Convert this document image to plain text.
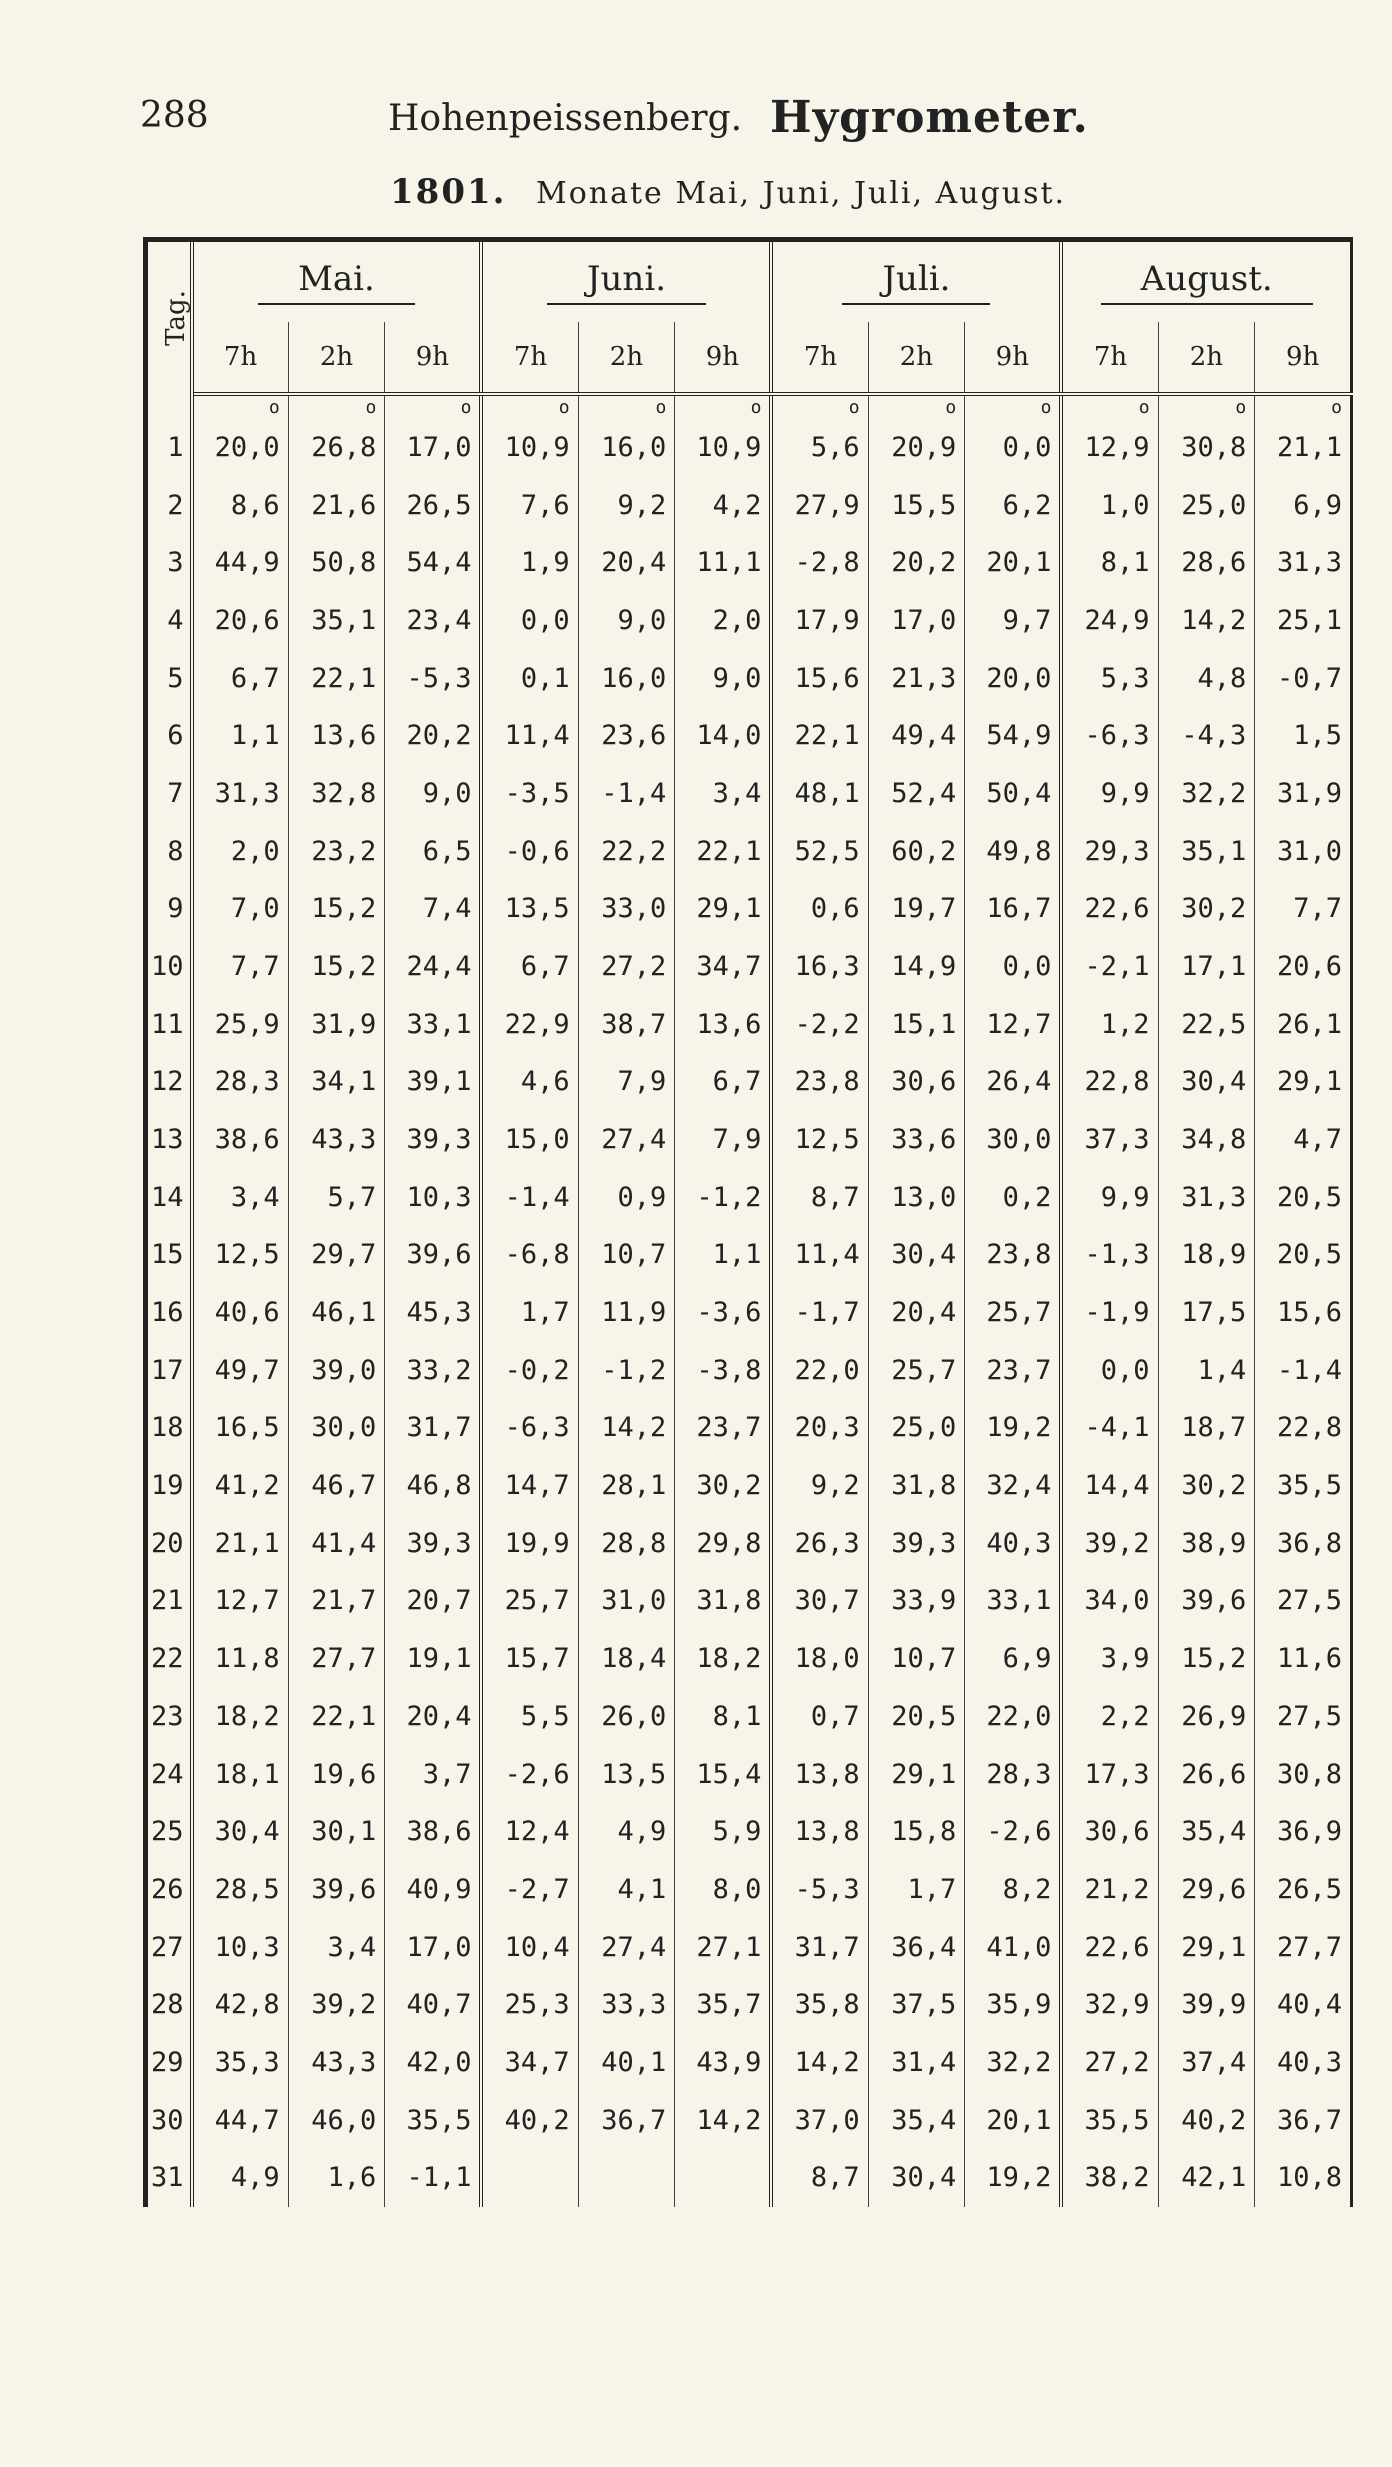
288	Hohenpeissenberg. Hygrometer.
1801. Monate Mai, Juni, Juli, August.
Tag.	Mai.			Juni.			Juli.			August.		
	7h	2h	9h	7h	2h	9h	7h	2h	9h	7h	2h	9h
	o	o	o	o	o	o	o	o	o	o	o	o
1	20,0	26,8	17,0	10,9	16,0	10,9	5,6	20,9	0,0	12,9	30,8	21,1
2	8,6	21,6	26,5	7,6	9,2	4,2	27,9	15,5	6,2	1,0	25,0	6,9
3	44,9	50,8	54,4	1,9	20,4	11,1	-2,8	20,2	20,1	8,1	28,6	31,3
4	20,6	35,1	23,4	0,0	9,0	2,0	17,9	17,0	9,7	24,9	14,2	25,1
5	6,7	22,1	-5,3	0,1	16,0	9,0	15,6	21,3	20,0	5,3	4,8	-0,7
6	1,1	13,6	20,2	11,4	23,6	14,0	22,1	49,4	54,9	-6,3	-4,3	1,5
7	31,3	32,8	9,0	-3,5	-1,4	3,4	48,1	52,4	50,4	9,9	32,2	31,9
8	2,0	23,2	6,5	-0,6	22,2	22,1	52,5	60,2	49,8	29,3	35,1	31,0
9	7,0	15,2	7,4	13,5	33,0	29,1	0,6	19,7	16,7	22,6	30,2	7,7
10	7,7	15,2	24,4	6,7	27,2	34,7	16,3	14,9	0,0	-2,1	17,1	20,6
11	25,9	31,9	33,1	22,9	38,7	13,6	-2,2	15,1	12,7	1,2	22,5	26,1
12	28,3	34,1	39,1	4,6	7,9	6,7	23,8	30,6	26,4	22,8	30,4	29,1
13	38,6	43,3	39,3	15,0	27,4	7,9	12,5	33,6	30,0	37,3	34,8	4,7
14	3,4	5,7	10,3	-1,4	0,9	-1,2	8,7	13,0	0,2	9,9	31,3	20,5
15	12,5	29,7	39,6	-6,8	10,7	1,1	11,4	30,4	23,8	-1,3	18,9	20,5
16	40,6	46,1	45,3	1,7	11,9	-3,6	-1,7	20,4	25,7	-1,9	17,5	15,6
17	49,7	39,0	33,2	-0,2	-1,2	-3,8	22,0	25,7	23,7	0,0	1,4	-1,4
18	16,5	30,0	31,7	-6,3	14,2	23,7	20,3	25,0	19,2	-4,1	18,7	22,8
19	41,2	46,7	46,8	14,7	28,1	30,2	9,2	31,8	32,4	14,4	30,2	35,5
20	21,1	41,4	39,3	19,9	28,8	29,8	26,3	39,3	40,3	39,2	38,9	36,8
21	12,7	21,7	20,7	25,7	31,0	31,8	30,7	33,9	33,1	34,0	39,6	27,5
22	11,8	27,7	19,1	15,7	18,4	18,2	18,0	10,7	6,9	3,9	15,2	11,6
23	18,2	22,1	20,4	5,5	26,0	8,1	0,7	20,5	22,0	2,2	26,9	27,5
24	18,1	19,6	3,7	-2,6	13,5	15,4	13,8	29,1	28,3	17,3	26,6	30,8
25	30,4	30,1	38,6	12,4	4,9	5,9	13,8	15,8	-2,6	30,6	35,4	36,9
26	28,5	39,6	40,9	-2,7	4,1	8,0	-5,3	1,7	8,2	21,2	29,6	26,5
27	10,3	3,4	17,0	10,4	27,4	27,1	31,7	36,4	41,0	22,6	29,1	27,7
28	42,8	39,2	40,7	25,3	33,3	35,7	35,8	37,5	35,9	32,9	39,9	40,4
29	35,3	43,3	42,0	34,7	40,1	43,9	14,2	31,4	32,2	27,2	37,4	40,3
30	44,7	46,0	35,5	40,2	36,7	14,2	37,0	35,4	20,1	35,5	40,2	36,7
31	4,9	1,6	-1,1				8,7	30,4	19,2	38,2	42,1	10,8
